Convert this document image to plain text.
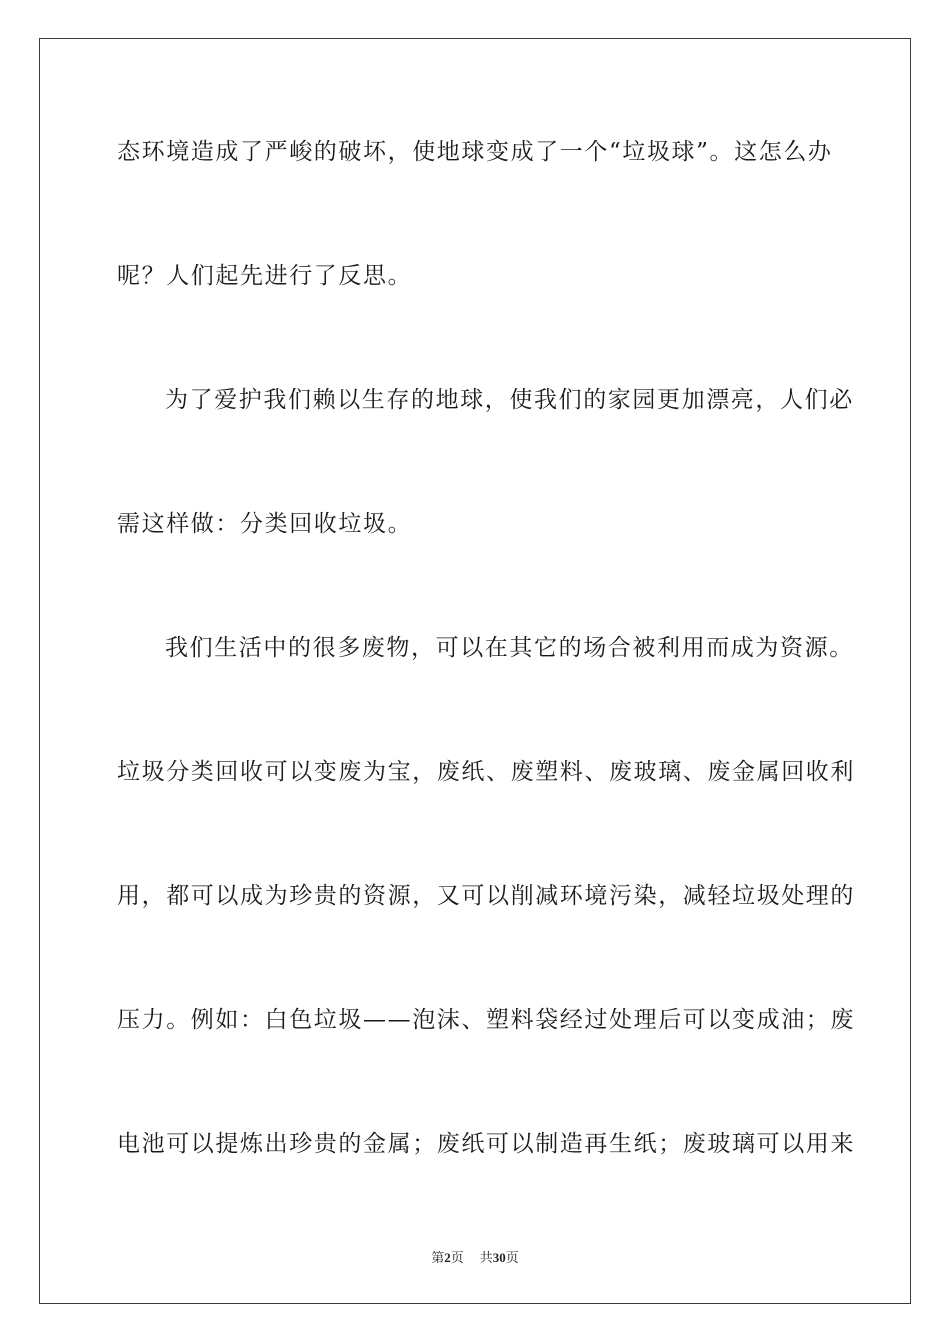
态环境造成了严峻的破坏，使地球变成了一个“垃圾球”。这怎么办
呢？人们起先进行了反思。
为了爱护我们赖以生存的地球，使我们的家园更加漂亮，人们必
需这样做：分类回收垃圾。
我们生活中的很多废物，可以在其它的场合被利用而成为资源。
垃圾分类回收可以变废为宝，废纸、废塑料、废玻璃、废金属回收利
用，都可以成为珍贵的资源，又可以削减环境污染，减轻垃圾处理的
压力。例如：白色垃圾——泡沫、塑料袋经过处理后可以变成油；废
电池可以提炼出珍贵的金属；废纸可以制造再生纸；废玻璃可以用来
第2页 共30页
